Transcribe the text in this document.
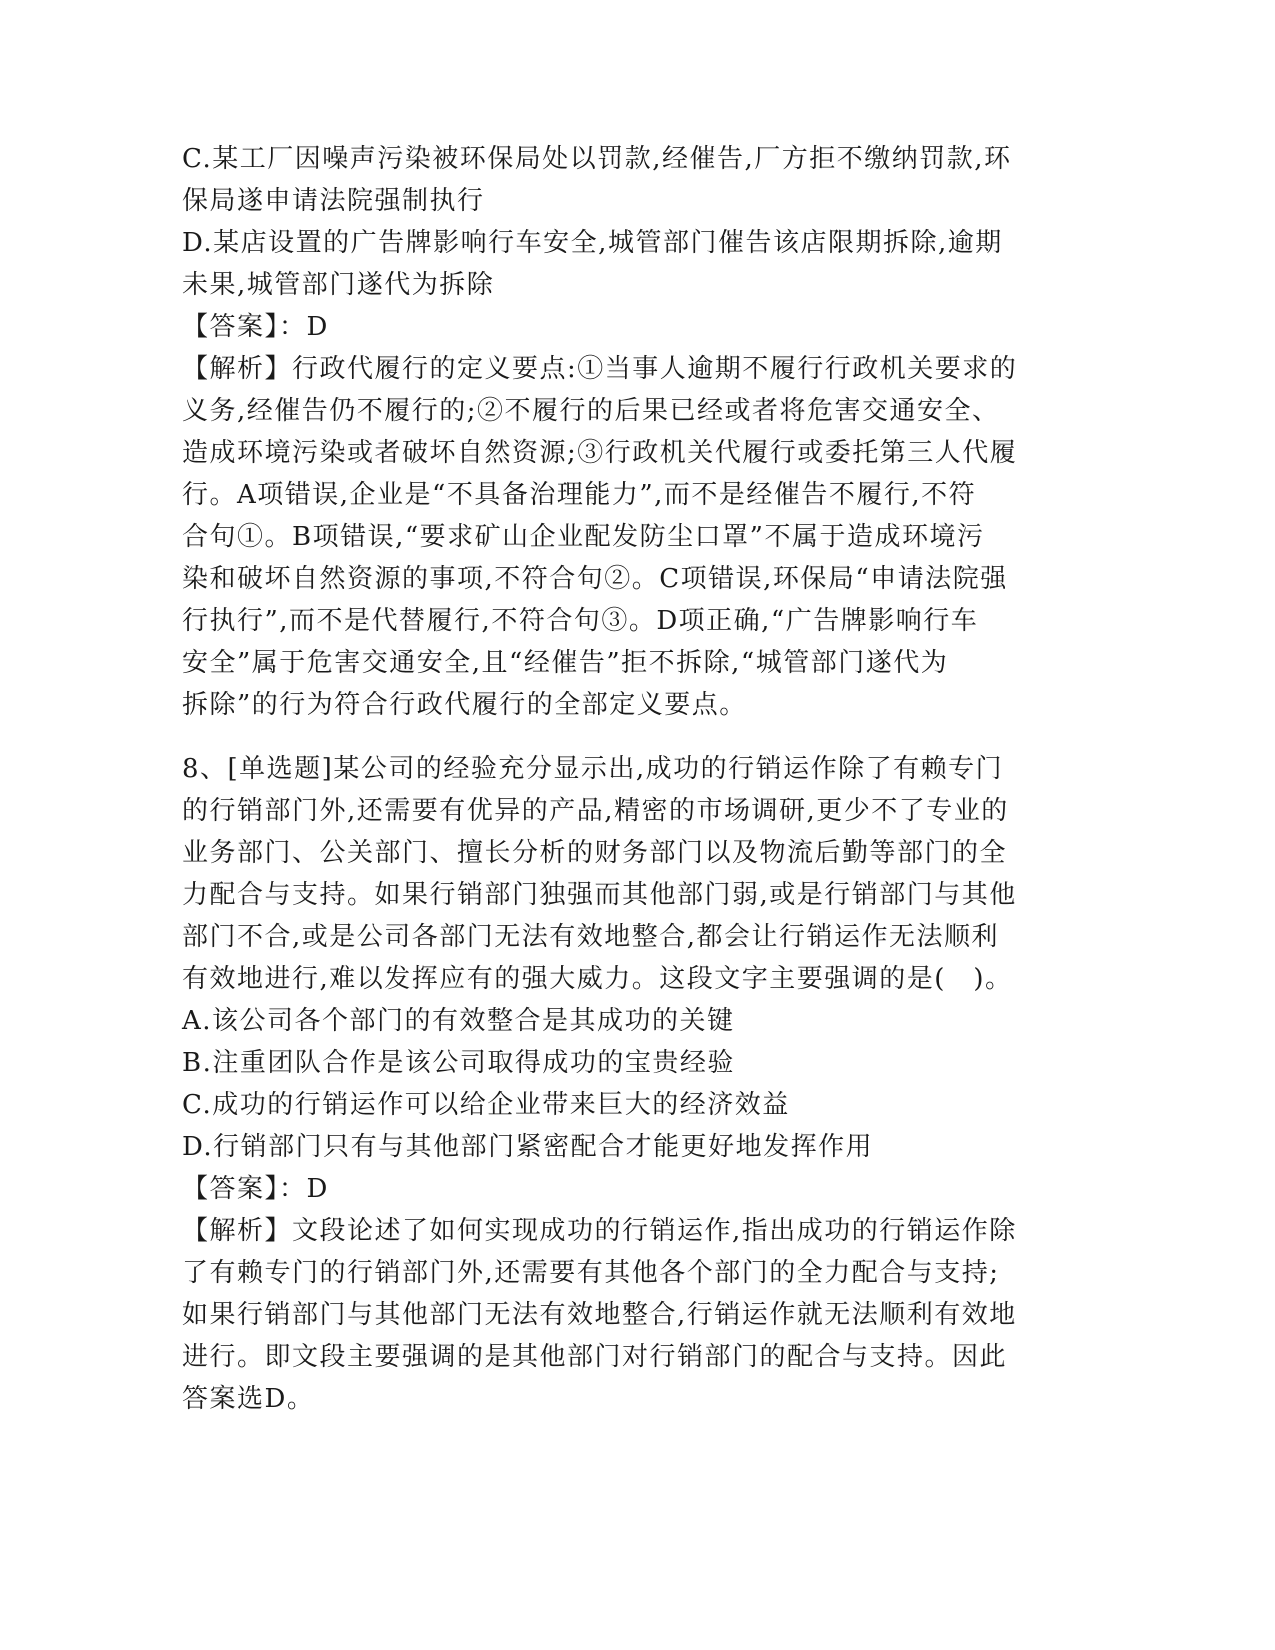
C.某工厂因噪声污染被环保局处以罚款,经催告,厂方拒不缴纳罚款,环
保局遂申请法院强制执行
D.某店设置的广告牌影响行车安全,城管部门催告该店限期拆除,逾期
未果,城管部门遂代为拆除
【答案】：D
【解析】行政代履行的定义要点:①当事人逾期不履行行政机关要求的
义务,经催告仍不履行的;②不履行的后果已经或者将危害交通安全、
造成环境污染或者破坏自然资源;③行政机关代履行或委托第三人代履
行。A项错误,企业是“不具备治理能力”,而不是经催告不履行,不符
合句①。B项错误,“要求矿山企业配发防尘口罩”不属于造成环境污
染和破坏自然资源的事项,不符合句②。C项错误,环保局“申请法院强
行执行”,而不是代替履行,不符合句③。D项正确,“广告牌影响行车
安全”属于危害交通安全,且“经催告”拒不拆除,“城管部门遂代为
拆除”的行为符合行政代履行的全部定义要点。
8、[单选题]某公司的经验充分显示出,成功的行销运作除了有赖专门
的行销部门外,还需要有优异的产品,精密的市场调研,更少不了专业的
业务部门、公关部门、擅长分析的财务部门以及物流后勤等部门的全
力配合与支持。如果行销部门独强而其他部门弱,或是行销部门与其他
部门不合,或是公司各部门无法有效地整合,都会让行销运作无法顺利
有效地进行,难以发挥应有的强大威力。这段文字主要强调的是(　)。
A.该公司各个部门的有效整合是其成功的关键
B.注重团队合作是该公司取得成功的宝贵经验
C.成功的行销运作可以给企业带来巨大的经济效益
D.行销部门只有与其他部门紧密配合才能更好地发挥作用
【答案】：D
【解析】文段论述了如何实现成功的行销运作,指出成功的行销运作除
了有赖专门的行销部门外,还需要有其他各个部门的全力配合与支持;
如果行销部门与其他部门无法有效地整合,行销运作就无法顺利有效地
进行。即文段主要强调的是其他部门对行销部门的配合与支持。因此
答案选D。
